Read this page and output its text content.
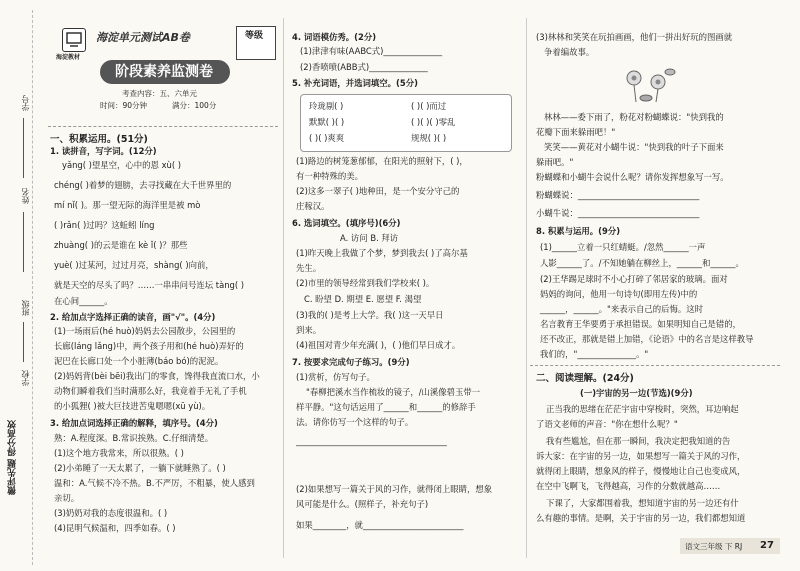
学号
姓名
班级
学校
微评先题 得分高效
海淀教材
海淀单元测试AB卷	等级
阶段素养监测卷
考查内容：五、六单元
时间：90分钟	满分：100分
一、积累运用。(51分)
1. 读拼音，写字词。(12分)
yǎng( )望星空，心中的恩 xù( )
chéng( )着梦的翅膀，去寻找藏在大千世界里的
mí nǐ( )。那一望无际的海洋里是被 mò
( )rǎn( )过吗？这蚯蚓 líng
zhuàng( )的云是谁在 kè ǐ( )？那些
yuè( )过某河，过过月亮，shàng( )向前，
就是天空的尽头了吗？……一串串问号连坛 tàng( )
在心间______。
2. 给加点字选择正确的读音，画"√"。(4分)
(1)一场雨后(hé huò)妈妈去公园散步，公园里的
长廊(láng lǎng)中，两个孩子用和(hé huò)弄好的
泥巴在长廊口处一个小脏薄(báo bó)的泥泥。
(2)妈妈背(bèi bēi)我出门的零食，馋得我直流口水，小
动物们瞬着我们当时满那么好，我竟着手无礼了手机
的小狐狸( )被大巨技进苦鬼嗯嗯(xū yù)。
3. 给加点词选择正确的解释，填序号。(4分)
熟：A.程度深。B.常识挨熟。C.仔细清楚。
(1)这个地方我常来，所以很熟。( )
(2)小弟睡了一天太累了，一躺下就睡熟了。( )
温和：A.气候不冷不热。B.不严厉，不粗暴，使人感到
亲切。
(3)奶奶对我的态度很温和。( )
(4)昆明气候温和，四季如春。( )
4. 词语模仿秀。(2分)
(1)津津有味(AABC式)______________
(2)香喷喷(ABB式)______________
5. 补充词语，并选词填空。(5分)
玲珑剔( )	( )( )而过
默默( )( )	( )( )( )零乱
( )( )爽爽	规规( )( )
(1)路边的树笼葱郁郁，在阳光的照射下，( )，
有一种特殊的美。
(2)这多一翠子( )地种田，是一个安分守己的
庄稼汉。
6. 选词填空。(填序号)(6分)
A. 访问 B. 拜访
(1)昨天晚上我做了个梦，梦到我去( )了高尔基
先生。
(2)市里的领导经常到我们学校来( )。
C. 盼望 D. 期望 E. 愿望 F. 渴望
(3)我的( )是考上大学。我( )这一天早日
到来。
(4)祖国对青少年充满( )，( )他们早日成才。
7. 按要求完成句子练习。(9分)
(1)赏析，仿写句子。
"春柳把溪水当作梳妆的镜子，/山溪像碧玉带一
样平静。"这句话运用了______和______的修辞手
法。请你仿写一个这样的句子。
____________________________________
(2)如果想写一篇关于风的习作，就得闭上眼睛，想象
风可能是什么。(照样子，补充句子)
如果________，就________________________
(3)林林和笑笑在玩拍画画，他们一拼出好玩的图画就
争着编故事。
林林——委下雨了，粉花对粉蝴蝶说："快到我的
花瓣下面来躲雨吧！"
笑笑——黄花对小蝴牛说："快到我的叶子下面来
躲雨吧。"
粉蝴蝶和小蝴牛会说什么呢？请你发挥想象写一写。
粉蝴蝶说：_____________________________
小蝴牛说：_____________________________
8. 积累与运用。(9分)
(1)______立着一只红蜻蜓。/忽然______一声
人影______了。/不知她躺在柳丝上，______和______。
(2)王华踢足球时不小心打碎了邻居家的玻璃。面对
妈妈的询问，他用一句诗句(即用左传)中的
______，______。"来表示自己的后悔。这时
名言教育王华要勇于承担错误。如果明知自己是错的，
还不改正，那就是错上加错，《论语》中的名言是这样教导
我们的，"______________。"
二、阅读理解。(24分)
(一)宇宙的另一边(节选)(9分)
正当我的思绪在茫茫宇宙中穿梭时，突然，耳边响起
了语文老师的声音："你在想什么呢？"
我有些尴尬，但在那一瞬间，我决定把我知道的告
诉大家：在宇宙的另一边，如果想写一篇关于风的习作，
就得闭上眼睛，想象风的样子，慢慢地让自己也变成风，
在空中飞啊飞，飞得越高，习作的分数就越高……
下课了，大家都围着我，想知道宇宙的另一边还有什
么有趣的事情。是啊，关于宇宙的另一边，我们都想知道
语文三年级 下 RJ 27
